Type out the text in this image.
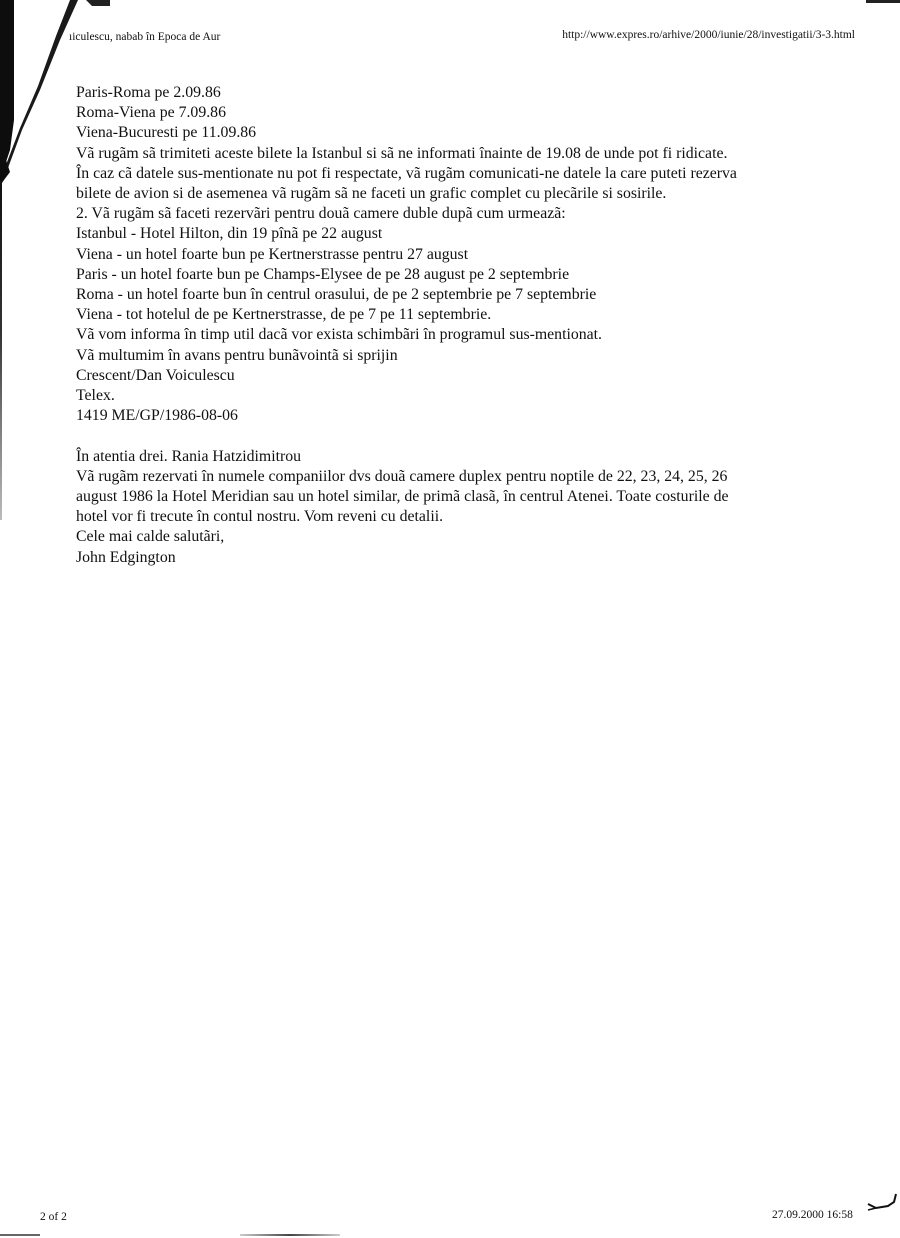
ıiculescu, nabab în Epoca de Aur	http://www.expres.ro/arhive/2000/iunie/28/investigatii/3-3.html
Paris-Roma pe 2.09.86
Roma-Viena pe 7.09.86
Viena-Bucuresti pe 11.09.86
Vã rugãm sã trimiteti aceste bilete la Istanbul si sã ne informati înainte de 19.08 de unde pot fi ridicate.
În caz cã datele sus-mentionate nu pot fi respectate, vã rugãm comunicati-ne datele la care puteti rezerva
bilete de avion si de asemenea vã rugãm sã ne faceti un grafic complet cu plecãrile si sosirile.
2. Vã rugãm sã faceti rezervãri pentru douã camere duble dupã cum urmeazã:
Istanbul - Hotel Hilton, din 19 pînã pe 22 august
Viena - un hotel foarte bun pe Kertnerstrasse pentru 27 august
Paris - un hotel foarte bun pe Champs-Elysee de pe 28 august pe 2 septembrie
Roma - un hotel foarte bun în centrul orasului, de pe 2 septembrie pe 7 septembrie
Viena - tot hotelul de pe Kertnerstrasse, de pe 7 pe 11 septembrie.
Vã vom informa în timp util dacã vor exista schimbãri în programul sus-mentionat.
Vã multumim în avans pentru bunãvointã si sprijin
Crescent/Dan Voiculescu
Telex.
1419 ME/GP/1986-08-06
În atentia drei. Rania Hatzidimitrou
Vã rugãm rezervati în numele companiilor dvs douã camere duplex pentru noptile de 22, 23, 24, 25, 26
august 1986 la Hotel Meridian sau un hotel similar, de primã clasã, în centrul Atenei. Toate costurile de
hotel vor fi trecute în contul nostru. Vom reveni cu detalii.
Cele mai calde salutãri,
John Edgington
2 of 2	27.09.2000 16:58
